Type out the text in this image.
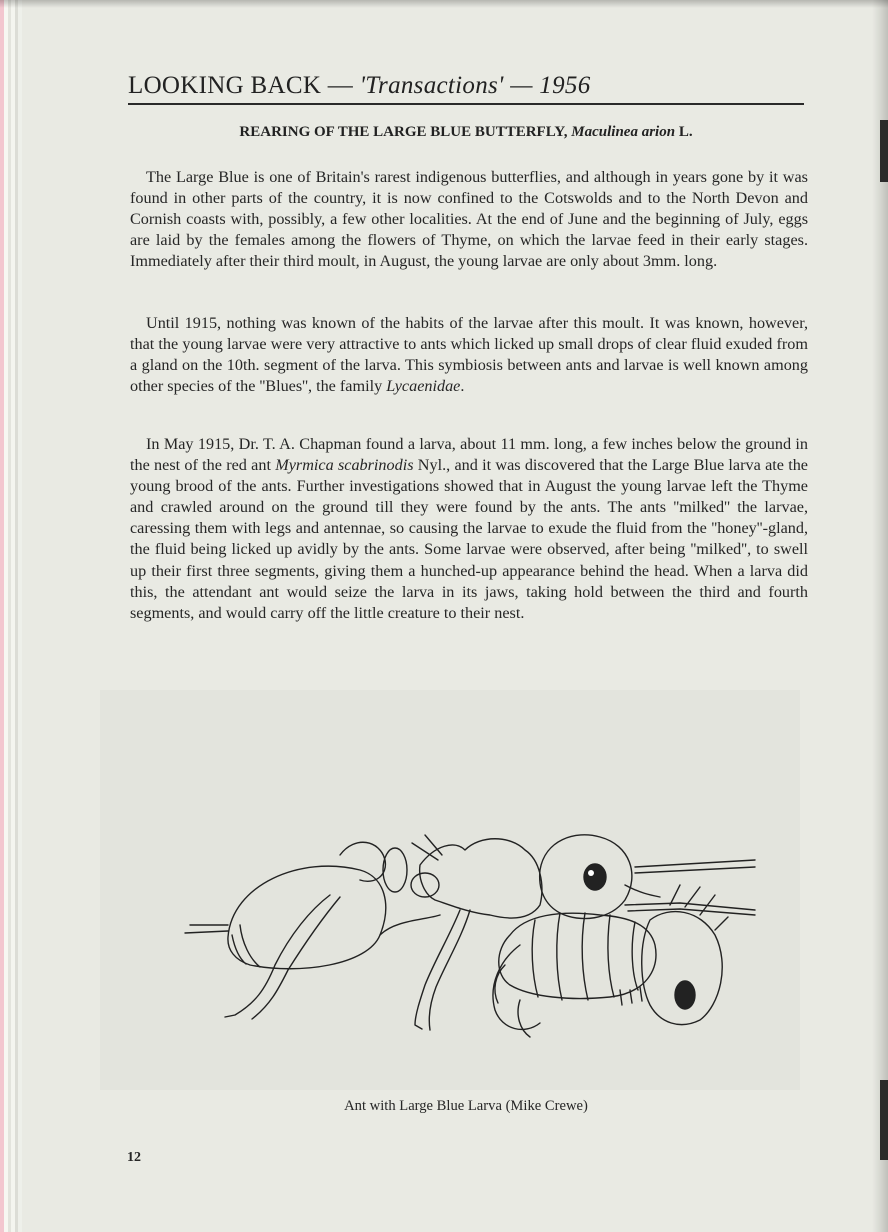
LOOKING BACK — 'Transactions' — 1956
REARING OF THE LARGE BLUE BUTTERFLY, Maculinea arion L.
The Large Blue is one of Britain's rarest indigenous butterflies, and although in years gone by it was found in other parts of the country, it is now confined to the Cotswolds and to the North Devon and Cornish coasts with, possibly, a few other localities. At the end of June and the beginning of July, eggs are laid by the females among the flowers of Thyme, on which the larvae feed in their early stages. Immediately after their third moult, in August, the young larvae are only about 3mm. long.
Until 1915, nothing was known of the habits of the larvae after this moult. It was known, however, that the young larvae were very attractive to ants which licked up small drops of clear fluid exuded from a gland on the 10th. segment of the larva. This symbiosis between ants and larvae is well known among other species of the ''Blues'', the family Lycaenidae.
In May 1915, Dr. T. A. Chapman found a larva, about 11 mm. long, a few inches below the ground in the nest of the red ant Myrmica scabrinodis Nyl., and it was discovered that the Large Blue larva ate the young brood of the ants. Further investigations showed that in August the young larvae left the Thyme and crawled around on the ground till they were found by the ants. The ants ''milked'' the larvae, caressing them with legs and antennae, so causing the larvae to exude the fluid from the ''honey''-gland, the fluid being licked up avidly by the ants. Some larvae were observed, after being ''milked'', to swell up their first three segments, giving them a hunched-up appearance behind the head. When a larva did this, the attendant ant would seize the larva in its jaws, taking hold between the third and fourth segments, and would carry off the little creature to their nest.
Ant with Large Blue Larva (Mike Crewe)
12
